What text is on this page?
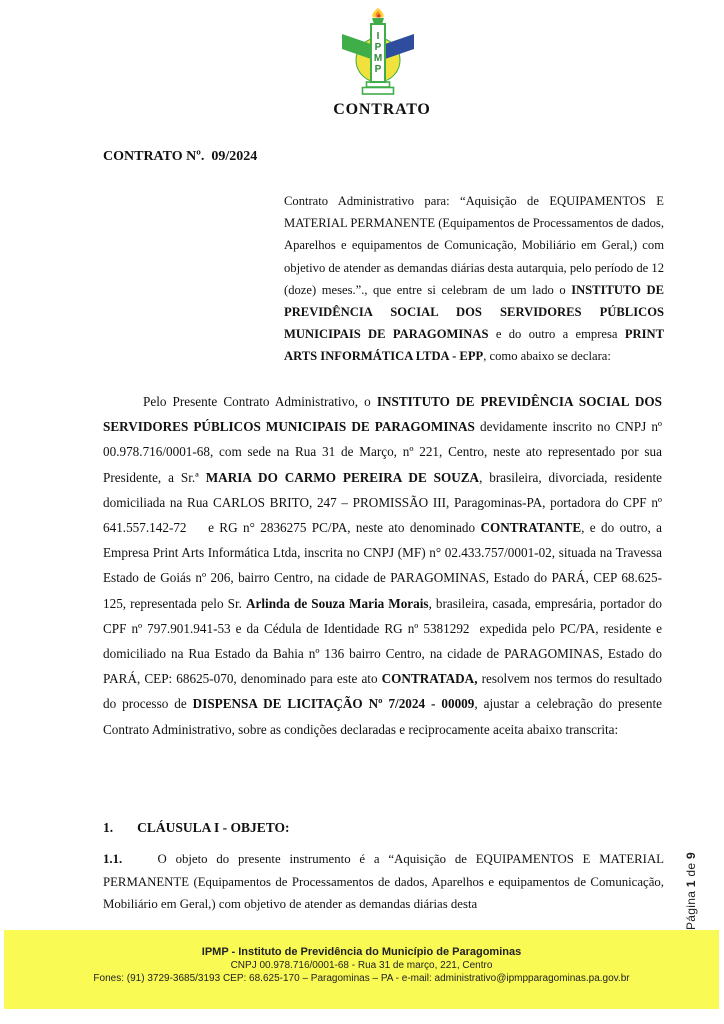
I
P
M
P
CONTRATO
CONTRATO Nº.  09/2024

Contrato Administrativo para: “Aquisição de EQUIPAMENTOS E MATERIAL PERMANENTE (Equipamentos de Processamentos de dados, Aparelhos e equipamentos de Comunicação, Mobiliário em Geral,) com objetivo de atender as demandas diárias desta autarquia, pelo período de 12 (doze) meses.”., que entre si celebram de um lado o INSTITUTO DE PREVIDÊNCIA SOCIAL DOS SERVIDORES PÚBLICOS MUNICIPAIS DE PARAGOMINAS e do outro a empresa PRINT ARTS INFORMÁTICA LTDA - EPP, como abaixo se declara:

Pelo Presente Contrato Administrativo, o INSTITUTO DE PREVIDÊNCIA SOCIAL DOS SERVIDORES PÚBLICOS MUNICIPAIS DE PARAGOMINAS devidamente inscrito no CNPJ nº 00.978.716/0001-68, com sede na Rua 31 de Março, nº 221, Centro, neste ato representado por sua Presidente, a Sr.ª MARIA DO CARMO PEREIRA DE SOUZA, brasileira, divorciada, residente domiciliada na Rua CARLOS BRITO, 247 – PROMISSÃO III, Paragominas-PA, portadora do CPF nº 641.557.142-72    e RG n° 2836275 PC/PA, neste ato denominado CONTRATANTE, e do outro, a Empresa Print Arts Informática Ltda, inscrita no CNPJ (MF) n° 02.433.757/0001-02, situada na Travessa Estado de Goiás nº 206, bairro Centro, na cidade de PARAGOMINAS, Estado do PARÁ, CEP 68.625-125, representada pelo Sr. Arlinda de Souza Maria Morais, brasileira, casada, empresária, portador do CPF nº 797.901.941-53 e da Cédula de Identidade RG nº 5381292  expedida pelo PC/PA, residente e domiciliado na Rua Estado da Bahia nº 136 bairro Centro, na cidade de PARAGOMINAS, Estado do PARÁ, CEP: 68625-070, denominado para este ato CONTRATADA, resolvem nos termos do resultado do processo de DISPENSA DE LICITAÇÃO Nº 7/2024 - 00009, ajustar a celebração do presente Contrato Administrativo, sobre as condições declaradas e reciprocamente aceita abaixo transcrita:

1. CLÁUSULA I - OBJETO:

1.1.    O objeto do presente instrumento é a “Aquisição de EQUIPAMENTOS E MATERIAL PERMANENTE (Equipamentos de Processamentos de dados, Aparelhos e equipamentos de Comunicação, Mobiliário em Geral,) com objetivo de atender as demandas diárias desta	Página 1 de 9
IPMP - Instituto de Previdência do Município de Paragominas
CNPJ 00.978.716/0001-68 - Rua 31 de março, 221, Centro
Fones: (91) 3729-3685/3193 CEP: 68.625-170 – Paragominas – PA - e-mail: administrativo@ipmpparagominas.pa.gov.br
